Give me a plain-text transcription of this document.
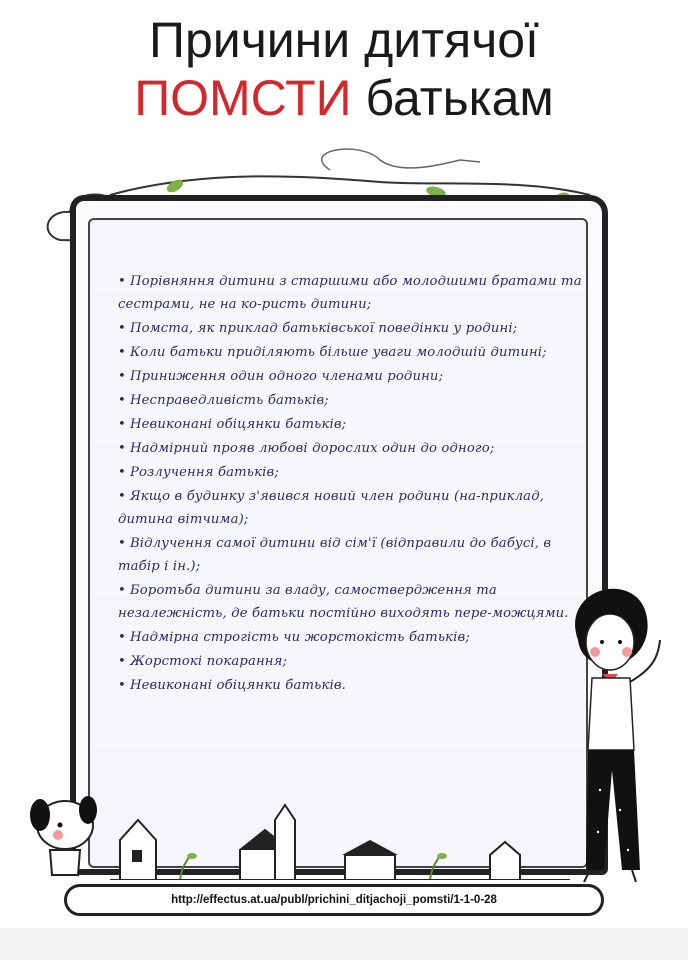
Причини дитячої
ПОМСТИ батькам
• Порівняння дитини з старшими або молодшими братами та сестрами, не на ко-ристь дитини;
• Помста, як приклад батьківської поведінки у родині;
• Коли батьки приділяють більше уваги молодшій дитині;
• Приниження один одного членами родини;
• Несправедливість батьків;
• Невиконані обіцянки батьків;
• Надмірний прояв любові дорослих один до одного;
• Розлучення батьків;
• Якщо в будинку з'явився новий член родини (на-приклад, дитина вітчима);
• Відлучення самої дитини від сім'ї (відправили до бабусі, в табір і ін.);
• Боротьба дитини за владу, самоствердження та незалежність, де батьки постійно виходять пере-можцями.
• Надмірна строгість чи жорстокість батьків;
• Жорстокі покарання;
• Невиконані обіцянки батьків.
http://effectus.at.ua/publ/prichini_ditjachoji_pomsti/1-1-0-28
